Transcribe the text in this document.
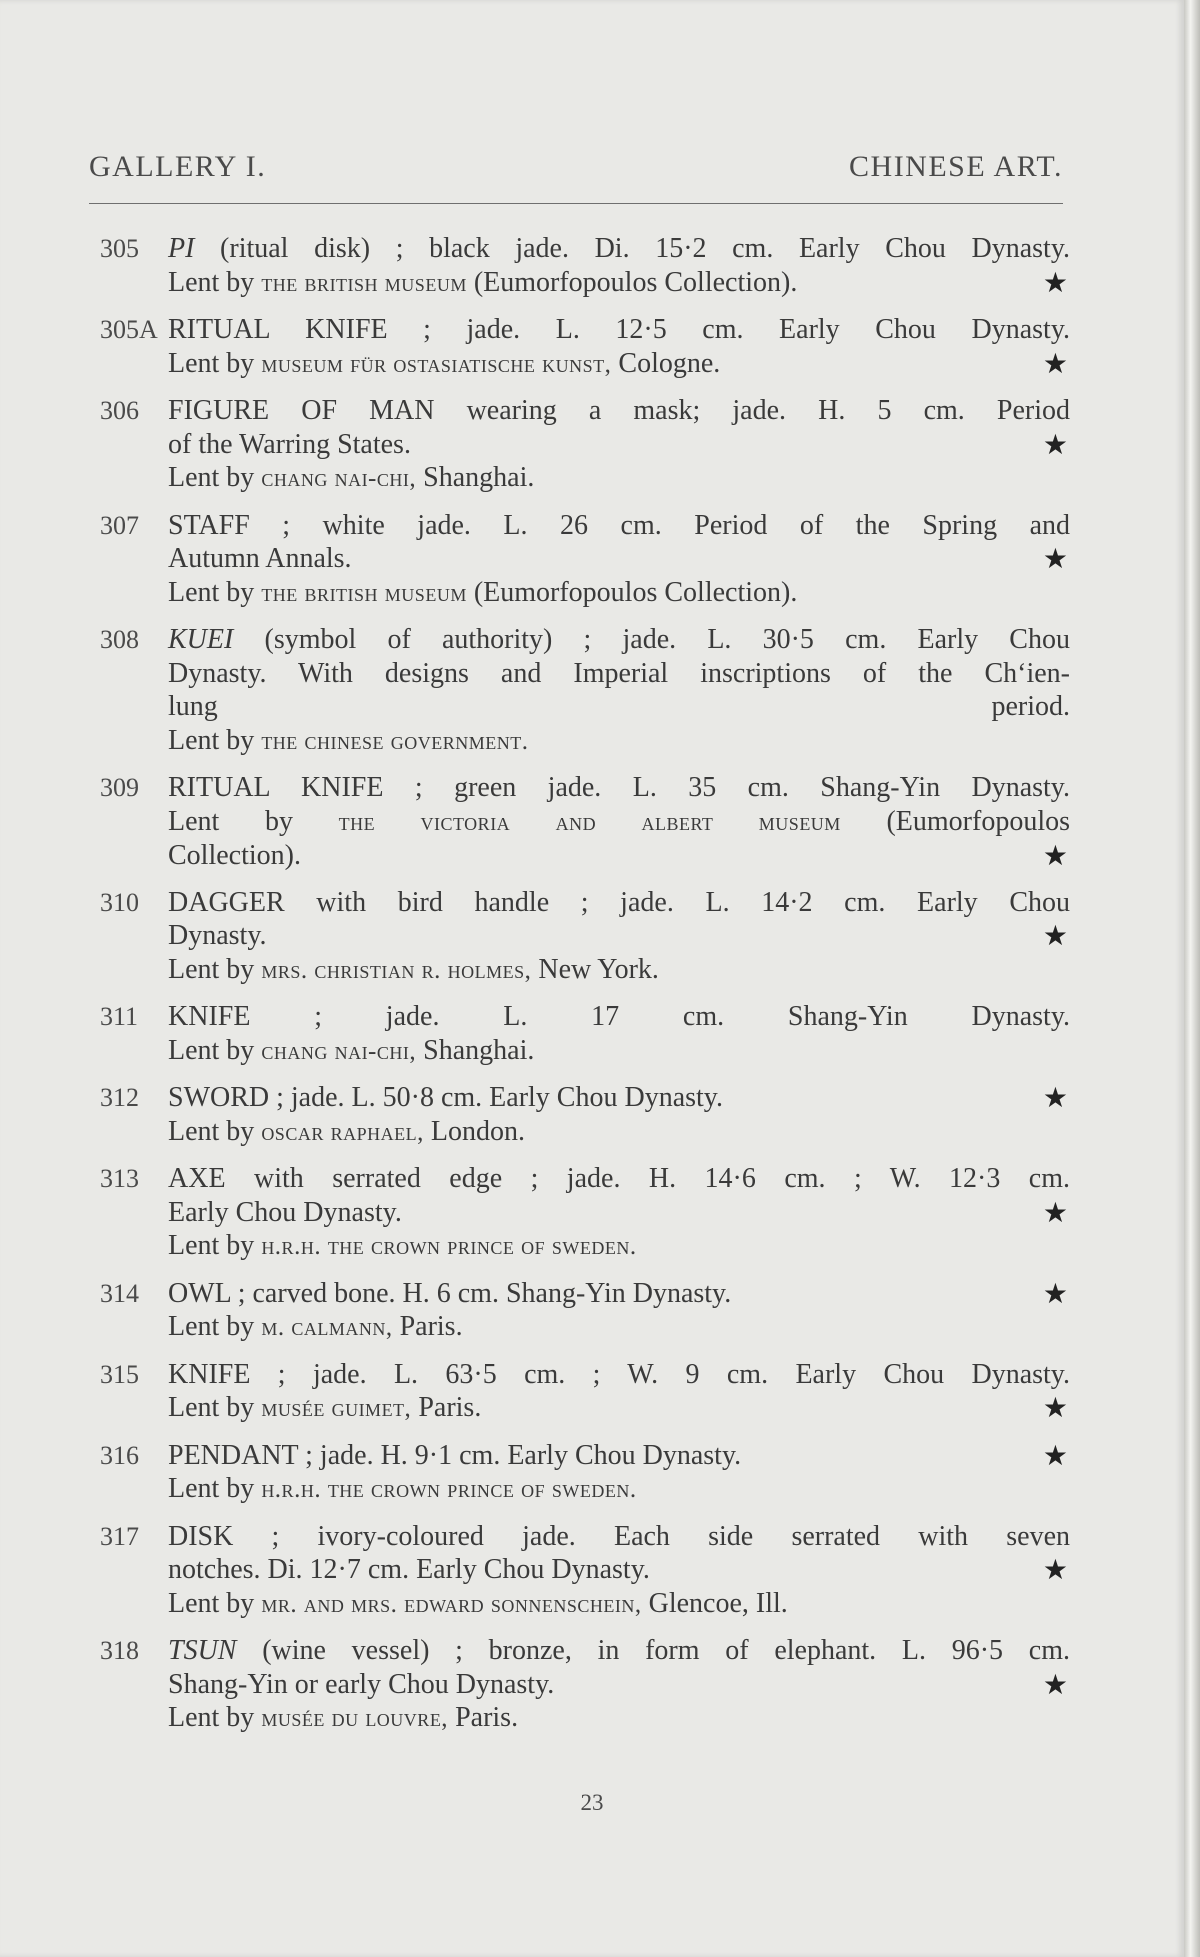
GALLERY I.	CHINESE ART.
305	PI (ritual disk) ; black jade. Di. 15·2 cm. Early Chou Dynasty.
Lent by the british museum (Eumorfopoulos Collection).	★
305A RITUAL KNIFE ; jade. L. 12·5 cm. Early Chou Dynasty.
Lent by museum für ostasiatische kunst, Cologne.	★
306	FIGURE OF MAN wearing a mask; jade. H. 5 cm. Period
of the Warring States.	★
Lent by chang nai-chi, Shanghai.
307	STAFF ; white jade. L. 26 cm. Period of the Spring and
Autumn Annals.	★
Lent by the british museum (Eumorfopoulos Collection).
308	KUEI (symbol of authority) ; jade. L. 30·5 cm. Early Chou
Dynasty. With designs and Imperial inscriptions of the Ch‘ien-
lung period.
Lent by the chinese government.
309	RITUAL KNIFE ; green jade. L. 35 cm. Shang-Yin Dynasty.
Lent by the victoria and albert museum (Eumorfopoulos
Collection).	★
310	DAGGER with bird handle ; jade. L. 14·2 cm. Early Chou
Dynasty.	★
Lent by mrs. christian r. holmes, New York.
311	KNIFE ; jade. L. 17 cm. Shang-Yin Dynasty.
Lent by chang nai-chi, Shanghai.
312	SWORD ; jade. L. 50·8 cm. Early Chou Dynasty.	★
Lent by oscar raphael, London.
313	AXE with serrated edge ; jade. H. 14·6 cm. ; W. 12·3 cm.
Early Chou Dynasty.	★
Lent by h.r.h. the crown prince of sweden.
314	OWL ; carved bone. H. 6 cm. Shang-Yin Dynasty.	★
Lent by m. calmann, Paris.
315	KNIFE ; jade. L. 63·5 cm. ; W. 9 cm. Early Chou Dynasty.
Lent by musée guimet, Paris.	★
316	PENDANT ; jade. H. 9·1 cm. Early Chou Dynasty.	★
Lent by h.r.h. the crown prince of sweden.
317	DISK ; ivory-coloured jade. Each side serrated with seven
notches. Di. 12·7 cm. Early Chou Dynasty.	★
Lent by mr. and mrs. edward sonnenschein, Glencoe, Ill.
318	TSUN (wine vessel) ; bronze, in form of elephant. L. 96·5 cm.
Shang-Yin or early Chou Dynasty.	★
Lent by musée du louvre, Paris.
23
